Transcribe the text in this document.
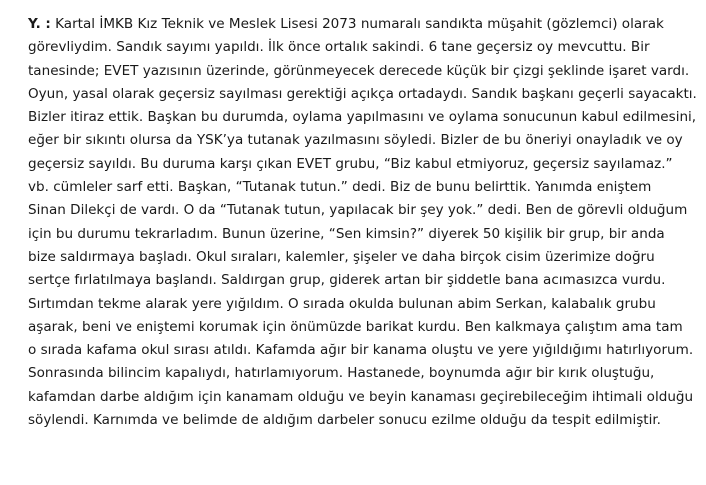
Y. : Kartal İMKB Kız Teknik ve Meslek Lisesi 2073 numaralı sandıkta müşahit (gözlemci) olarak
görevliydim. Sandık sayımı yapıldı. İlk önce ortalık sakindi. 6 tane geçersiz oy mevcuttu. Bir
tanesinde; EVET yazısının üzerinde, görünmeyecek derecede küçük bir çizgi şeklinde işaret vardı.
Oyun, yasal olarak geçersiz sayılması gerektiği açıkça ortadaydı. Sandık başkanı geçerli sayacaktı.
Bizler itiraz ettik. Başkan bu durumda, oylama yapılmasını ve oylama sonucunun kabul edilmesini,
eğer bir sıkıntı olursa da YSK’ya tutanak yazılmasını söyledi. Bizler de bu öneriyi onayladık ve oy
geçersiz sayıldı. Bu duruma karşı çıkan EVET grubu, “Biz kabul etmiyoruz, geçersiz sayılamaz.”
vb. cümleler sarf etti. Başkan, “Tutanak tutun.” dedi. Biz de bunu belirttik. Yanımda eniştem
Sinan Dilekçi de vardı. O da “Tutanak tutun, yapılacak bir şey yok.” dedi. Ben de görevli olduğum
için bu durumu tekrarladım. Bunun üzerine, “Sen kimsin?” diyerek 50 kişilik bir grup, bir anda
bize saldırmaya başladı. Okul sıraları, kalemler, şişeler ve daha birçok cisim üzerimize doğru
sertçe fırlatılmaya başlandı. Saldırgan grup, giderek artan bir şiddetle bana acımasızca vurdu.
Sırtımdan tekme alarak yere yığıldım. O sırada okulda bulunan abim Serkan, kalabalık grubu
aşarak, beni ve eniştemi korumak için önümüzde barikat kurdu. Ben kalkmaya çalıştım ama tam
o sırada kafama okul sırası atıldı. Kafamda ağır bir kanama oluştu ve yere yığıldığımı hatırlıyorum.
Sonrasında bilincim kapalıydı, hatırlamıyorum. Hastanede, boynumda ağır bir kırık oluştuğu,
kafamdan darbe aldığım için kanamam olduğu ve beyin kanaması geçirebileceğim ihtimali olduğu
söylendi. Karnımda ve belimde de aldığım darbeler sonucu ezilme olduğu da tespit edilmiştir.
